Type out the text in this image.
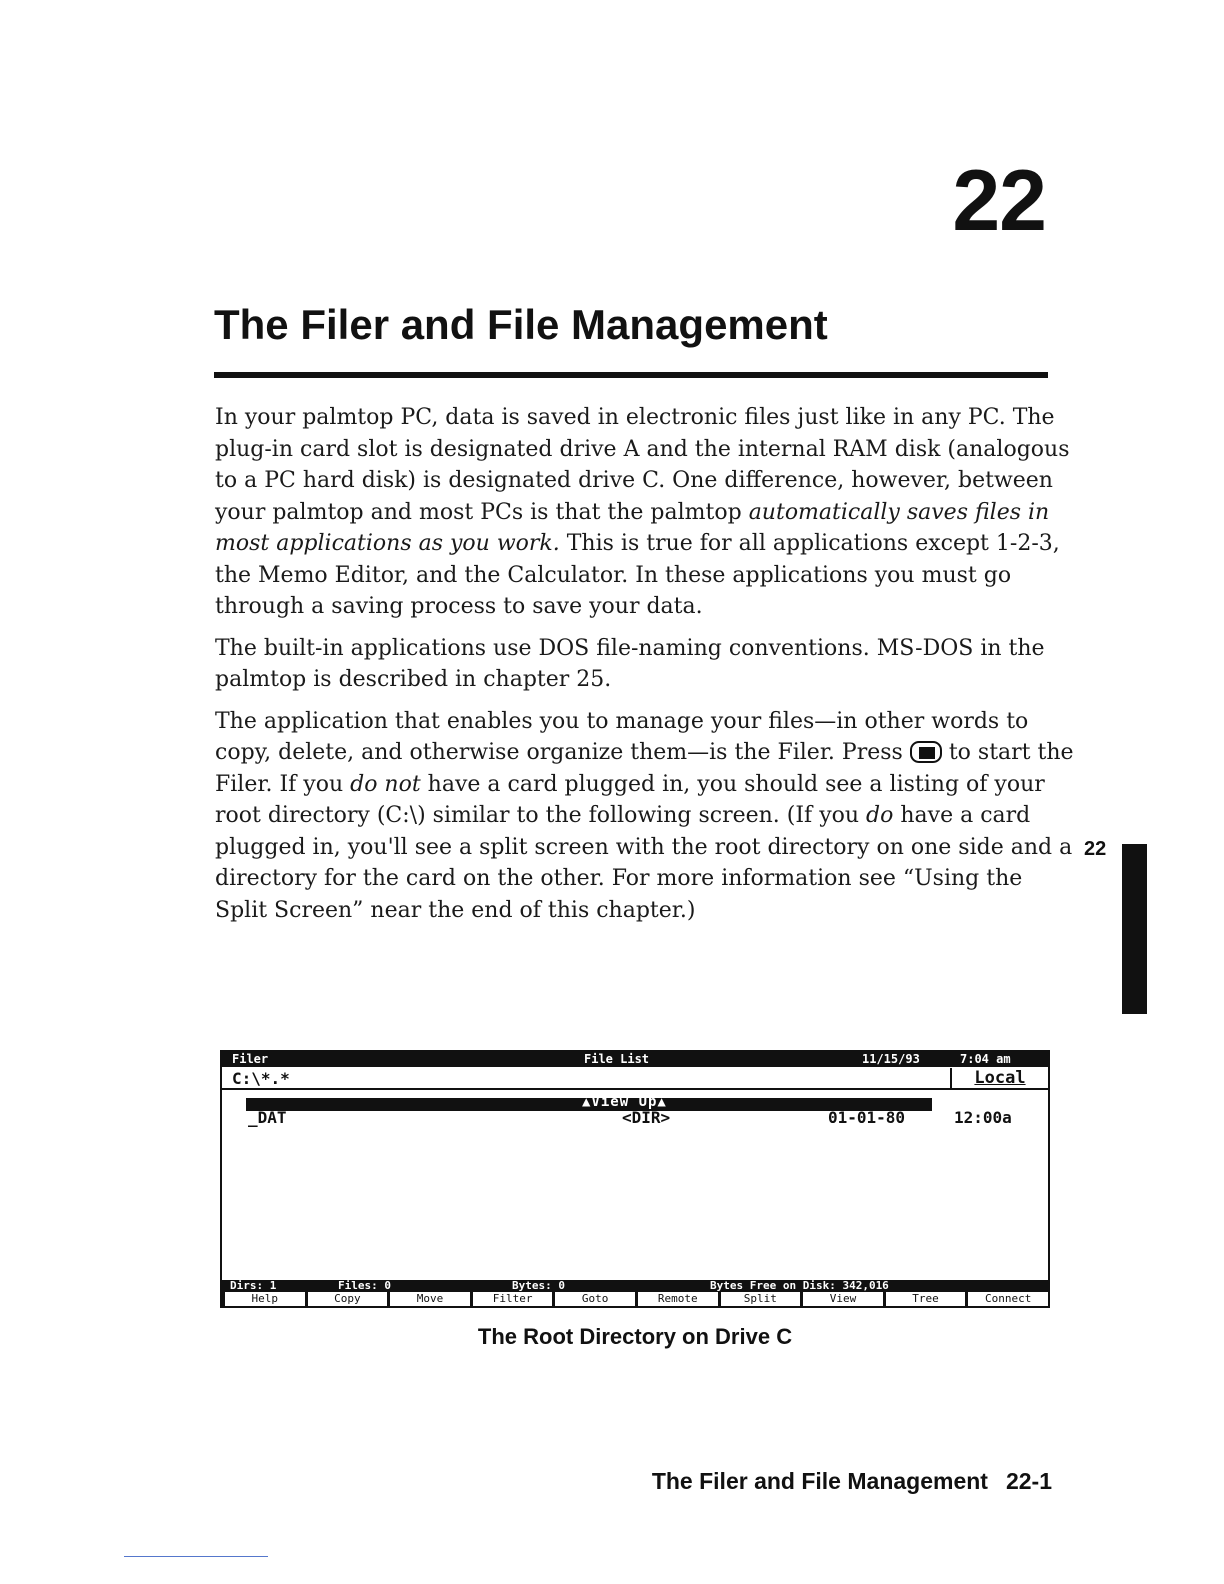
22
The Filer and File Management

In your palmtop PC, data is saved in electronic files just like in any PC. The plug-in card slot is designated drive A and the internal RAM disk (analogous to a PC hard disk) is designated drive C. One difference, however, between your palmtop and most PCs is that the palmtop automatically saves files in most applications as you work. This is true for all applications except 1-2-3, the Memo Editor, and the Calculator. In these applications you must go through a saving process to save your data.

The built-in applications use DOS file-naming conventions. MS-DOS in the palmtop is described in chapter 25.

The application that enables you to manage your files—in other words to copy, delete, and otherwise organize them—is the Filer. Press  to start the Filer. If you do not have a card plugged in, you should see a listing of your root directory (C:\) similar to the following screen. (If you do have a card plugged in, you'll see a split screen with the root directory on one side and a directory for the card on the other. For more information see “Using the Split Screen” near the end of this chapter.)

22
Filer	File List	11/15/93	7:04 am
C:\*.*	Local
▲View Up▲
_DAT	<DIR>	01-01-80	12:00a
Dirs: 1	Files: 0	Bytes: 0	Bytes Free on Disk: 342,016
Help	Copy	Move	Filter	Goto	Remote	Split	View	Tree	Connect
The Root Directory on Drive C
The Filer and File Management 22-1
